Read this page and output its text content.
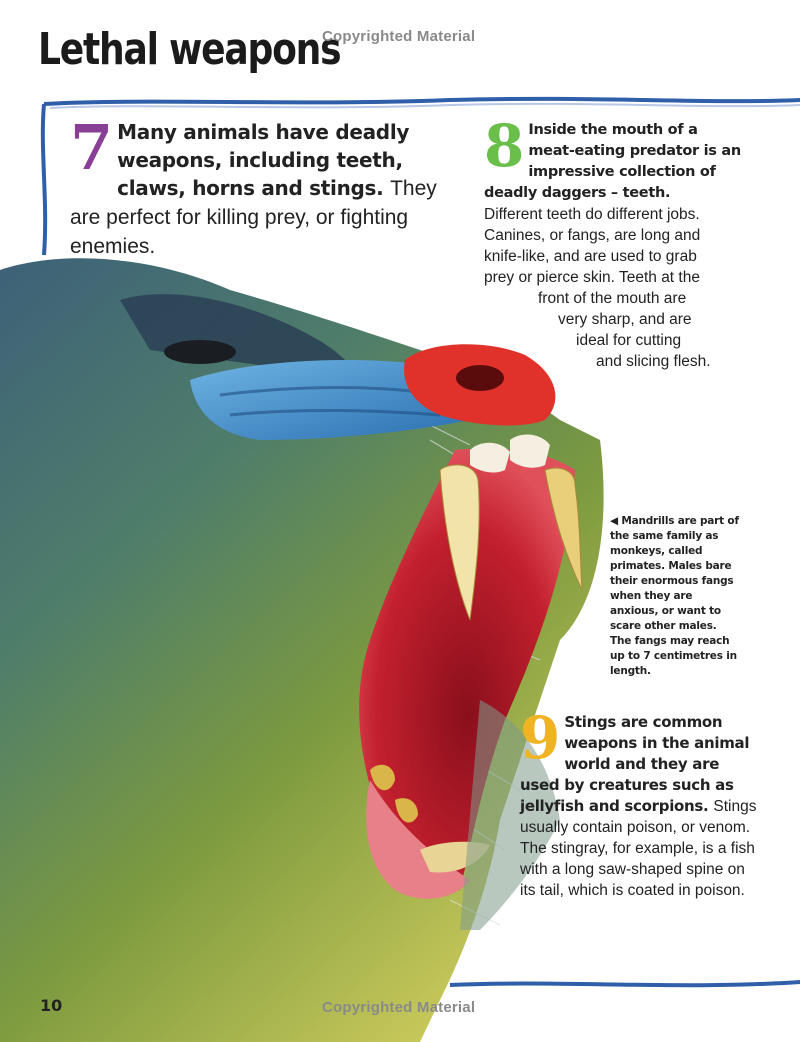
Lethal weapons
Copyrighted Material
7 Many animals have deadly weapons, including teeth, claws, horns and stings. They are perfect for killing prey, or fighting enemies.
8 Inside the mouth of a
meat-eating predator is an
impressive collection of
deadly daggers – teeth.
Different teeth do different jobs.
Canines, or fangs, are long and
knife-like, and are used to grab
prey or pierce skin. Teeth at the
front of the mouth are
very sharp, and are
ideal for cutting
and slicing flesh.
◀ Mandrills are part of the same family as monkeys, called primates. Males bare their enormous fangs when they are anxious, or want to scare other males. The fangs may reach up to 7 centimetres in length.
9 Stings are common weapons in the animal world and they are used by creatures such as jellyfish and scorpions. Stings usually contain poison, or venom. The stingray, for example, is a fish with a long saw-shaped spine on its tail, which is coated in poison.
10	Copyrighted Material
